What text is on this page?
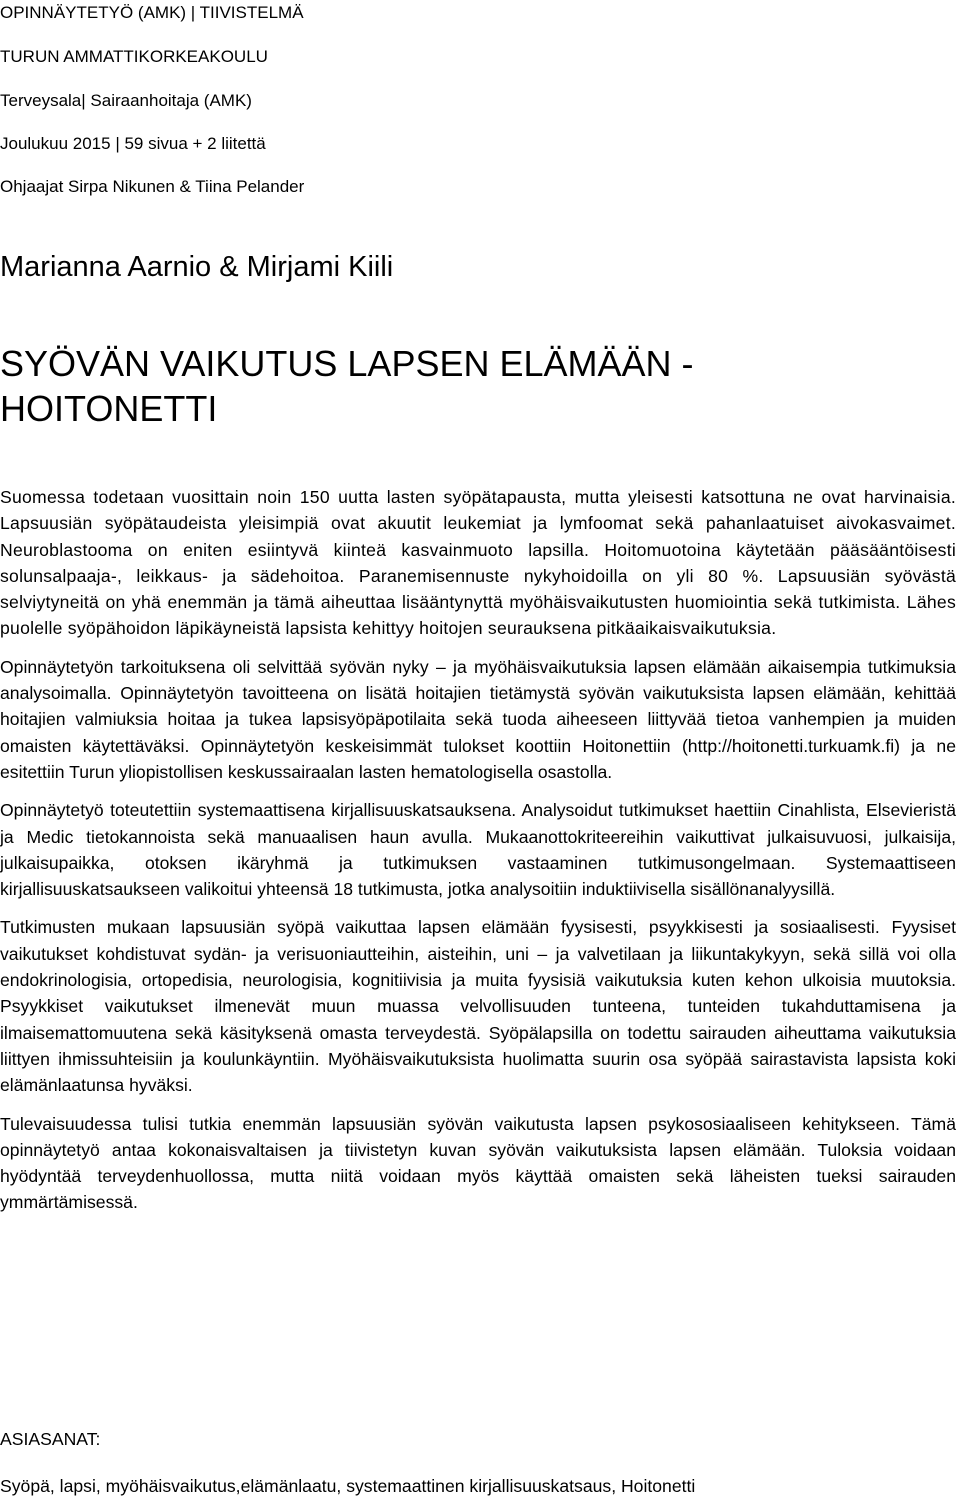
OPINNÄYTETYÖ (AMK) | TIIVISTELMÄ
TURUN AMMATTIKORKEAKOULU
Terveysala| Sairaanhoitaja (AMK)
Joulukuu 2015 | 59 sivua + 2 liitettä
Ohjaajat Sirpa Nikunen & Tiina Pelander
Marianna Aarnio & Mirjami Kiili
SYÖVÄN VAIKUTUS LAPSEN ELÄMÄÄN -
HOITONETTI

Suomessa todetaan vuosittain noin 150 uutta lasten syöpätapausta, mutta yleisesti katsottuna ne ovat harvinaisia. Lapsuusiän syöpätaudeista yleisimpiä ovat akuutit leukemiat ja lymfoomat sekä pahanlaatuiset aivokasvaimet. Neuroblastooma on eniten esiintyvä kiinteä kasvainmuoto lapsilla. Hoitomuotoina käytetään pääsääntöisesti solunsalpaaja-, leikkaus- ja sädehoitoa. Paranemisennuste nykyhoidoilla on yli 80 %. Lapsuusiän syövästä selviytyneitä on yhä enemmän ja tämä aiheuttaa lisääntynyttä myöhäisvaikutusten huomiointia sekä tutkimista. Lähes puolelle syöpähoidon läpikäyneistä lapsista kehittyy hoitojen seurauksena pitkäaikaisvaikutuksia.

Opinnäytetyön tarkoituksena oli selvittää syövän nyky – ja myöhäisvaikutuksia lapsen elämään aikaisempia tutkimuksia analysoimalla. Opinnäytetyön tavoitteena on lisätä hoitajien tietämystä syövän vaikutuksista lapsen elämään, kehittää hoitajien valmiuksia hoitaa ja tukea lapsisyöpäpotilaita sekä tuoda aiheeseen liittyvää tietoa vanhempien ja muiden omaisten käytettäväksi. Opinnäytetyön keskeisimmät tulokset koottiin Hoitonettiin (http://hoitonetti.turkuamk.fi) ja ne esitettiin Turun yliopistollisen keskussairaalan lasten hematologisella osastolla.

Opinnäytetyö toteutettiin systemaattisena kirjallisuuskatsauksena. Analysoidut tutkimukset haettiin Cinahlista, Elsevieristä ja Medic tietokannoista sekä manuaalisen haun avulla. Mukaanottokriteereihin vaikuttivat julkaisuvuosi, julkaisija, julkaisupaikka, otoksen ikäryhmä ja tutkimuksen vastaaminen tutkimusongelmaan. Systemaattiseen kirjallisuuskatsaukseen valikoitui yhteensä 18 tutkimusta, jotka analysoitiin induktiivisella sisällönanalyysillä.

Tutkimusten mukaan lapsuusiän syöpä vaikuttaa lapsen elämään fyysisesti, psyykkisesti ja sosiaalisesti. Fyysiset vaikutukset kohdistuvat sydän- ja verisuoniautteihin, aisteihin, uni – ja valvetilaan ja liikuntakykyyn, sekä sillä voi olla endokrinologisia, ortopedisia, neurologisia, kognitiivisia ja muita fyysisiä vaikutuksia kuten kehon ulkoisia muutoksia. Psyykkiset vaikutukset ilmenevät muun muassa velvollisuuden tunteena, tunteiden tukahduttamisena ja ilmaisemattomuutena sekä käsityksenä omasta terveydestä. Syöpälapsilla on todettu sairauden aiheuttama vaikutuksia liittyen ihmissuhteisiin ja koulunkäyntiin. Myöhäisvaikutuksista huolimatta suurin osa syöpää sairastavista lapsista koki elämänlaatunsa hyväksi.

Tulevaisuudessa tulisi tutkia enemmän lapsuusiän syövän vaikutusta lapsen psykososiaaliseen kehitykseen. Tämä opinnäytetyö antaa kokonaisvaltaisen ja tiivistetyn kuvan syövän vaikutuksista lapsen elämään. Tuloksia voidaan hyödyntää terveydenhuollossa, mutta niitä voidaan myös käyttää omaisten sekä läheisten tueksi sairauden ymmärtämisessä.

ASIASANAT:
Syöpä, lapsi, myöhäisvaikutus,elämänlaatu, systemaattinen kirjallisuuskatsaus, Hoitonetti
